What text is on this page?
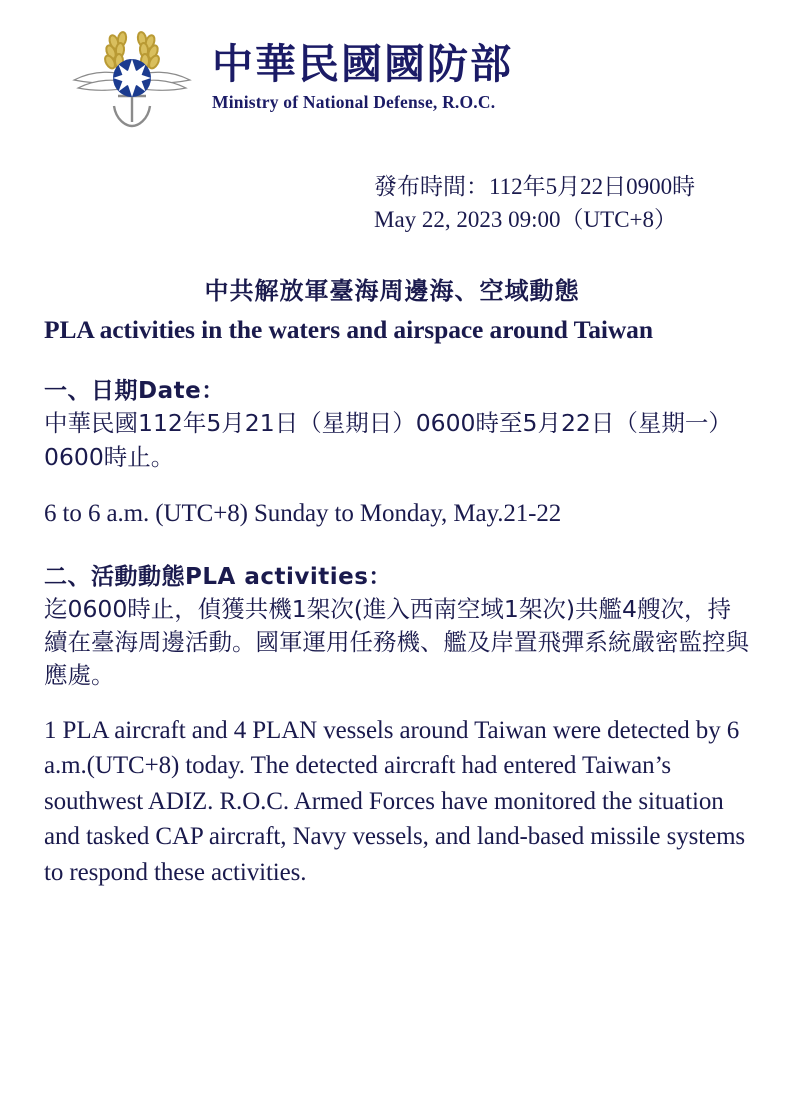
中華民國國防部
Ministry of National Defense, R.O.C.
發布時間：112年5月22日0900時
May 22, 2023 09:00（UTC+8）
中共解放軍臺海周邊海、空域動態
PLA activities in the waters and airspace around Taiwan
一、日期Date：
中華民國112年5月21日（星期日）0600時至5月22日（星期一）0600時止。
6 to 6 a.m. (UTC+8) Sunday to Monday, May.21-22
二、活動動態PLA activities：
迄0600時止，偵獲共機1架次(進入西南空域1架次)共艦4艘次，持續在臺海周邊活動。國軍運用任務機、艦及岸置飛彈系統嚴密監控與應處。
1 PLA aircraft and 4 PLAN vessels around Taiwan were detected by 6 a.m.(UTC+8) today. The detected aircraft had entered Taiwan’s southwest ADIZ. R.O.C. Armed Forces have monitored the situation and tasked CAP aircraft, Navy vessels, and land-based missile systems to respond these activities.
